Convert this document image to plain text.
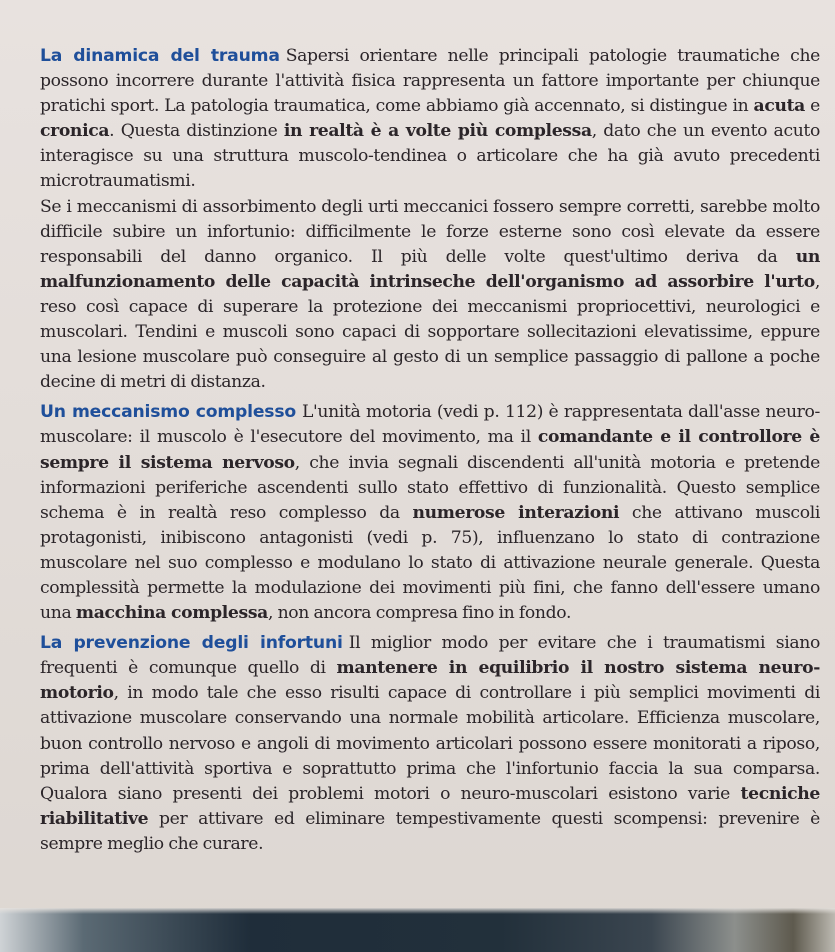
La dinamica del trauma Sapersi orientare nelle principali patologie traumatiche che possono incorrere durante l'attività fisica rappresenta un fattore importante per chiunque pratichi sport. La patologia traumatica, come abbiamo già accennato, si distingue in acuta e cronica. Questa distinzione in realtà è a volte più complessa, dato che un evento acuto interagisce su una struttura muscolo-tendinea o articolare che ha già avuto precedenti microtraumatismi.

Se i meccanismi di assorbimento degli urti meccanici fossero sempre corretti, sarebbe molto difficile subire un infortunio: difficilmente le forze esterne sono così elevate da essere responsabili del danno organico. Il più delle volte quest'ultimo deriva da un malfunzionamento delle capacità intrinseche dell'organismo ad assorbire l'urto, reso così capace di superare la protezione dei meccanismi propriocettivi, neurologici e muscolari. Tendini e muscoli sono capaci di sopportare sollecitazioni elevatissime, eppure una lesione muscolare può conseguire al gesto di un semplice passaggio di pallone a poche decine di metri di distanza.

Un meccanismo complesso L'unità motoria (vedi p. 112) è rappresentata dall'asse neuro-muscolare: il muscolo è l'esecutore del movimento, ma il comandante e il controllore è sempre il sistema nervoso, che invia segnali discendenti all'unità motoria e pretende informazioni periferiche ascendenti sullo stato effettivo di funzionalità. Questo semplice schema è in realtà reso complesso da numerose interazioni che attivano muscoli protagonisti, inibiscono antagonisti (vedi p. 75), influenzano lo stato di contrazione muscolare nel suo complesso e modulano lo stato di attivazione neurale generale. Questa complessità permette la modulazione dei movimenti più fini, che fanno dell'essere umano una macchina complessa, non ancora compresa fino in fondo.

La prevenzione degli infortuni Il miglior modo per evitare che i traumatismi siano frequenti è comunque quello di mantenere in equilibrio il nostro sistema neuro-motorio, in modo tale che esso risulti capace di controllare i più semplici movimenti di attivazione muscolare conservando una normale mobilità articolare. Efficienza muscolare, buon controllo nervoso e angoli di movimento articolari possono essere monitorati a riposo, prima dell'attività sportiva e soprattutto prima che l'infortunio faccia la sua comparsa. Qualora siano presenti dei problemi motori o neuro-muscolari esistono varie tecniche riabilitative per attivare ed eliminare tempestivamente questi scompensi: prevenire è sempre meglio che curare.
